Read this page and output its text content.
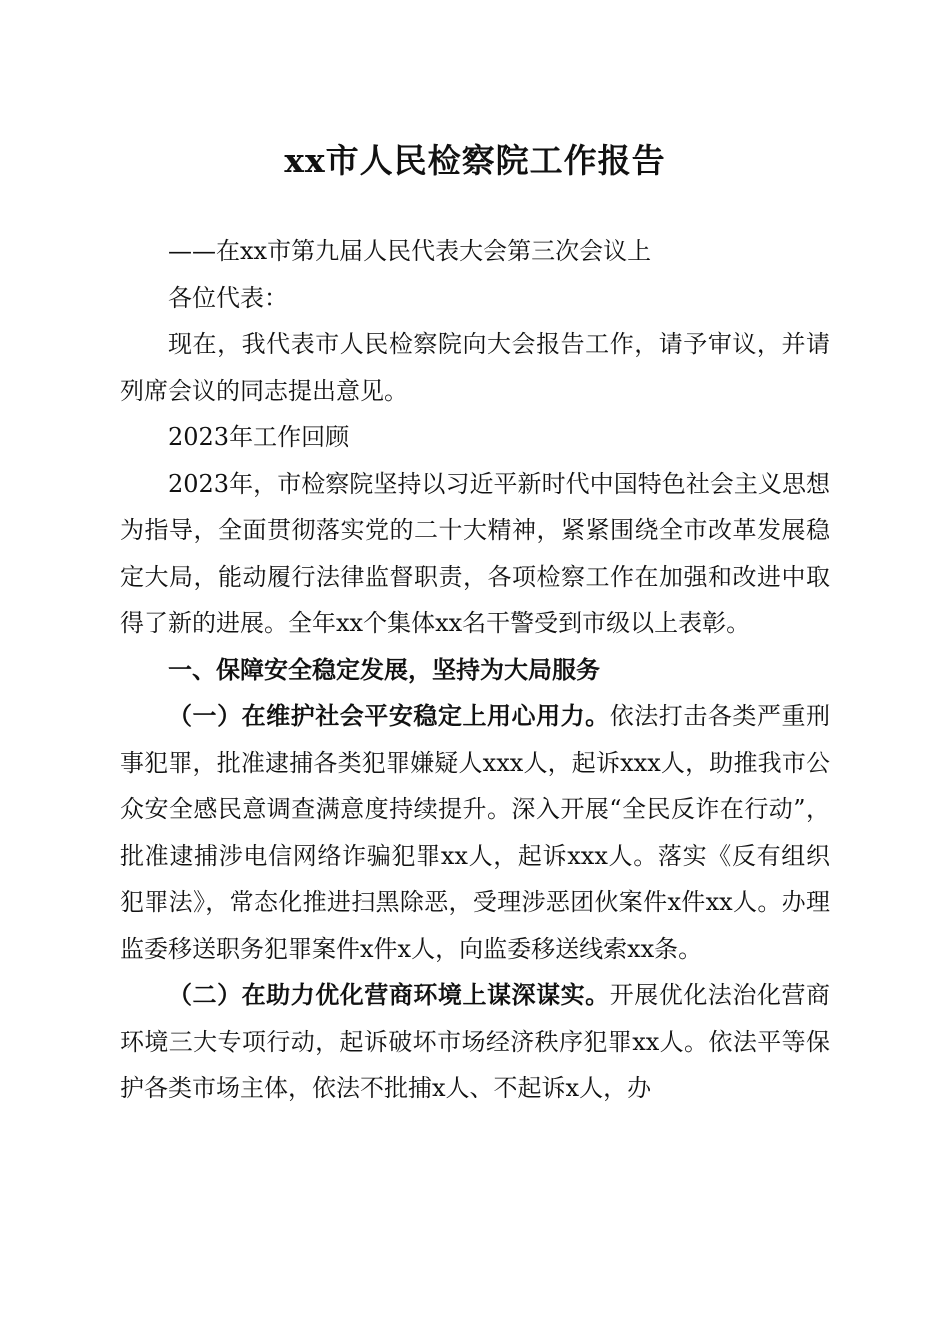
xx市人民检察院工作报告

——在xx市第九届人民代表大会第三次会议上

各位代表：

现在，我代表市人民检察院向大会报告工作，请予审议，并请列席会议的同志提出意见。

2023年工作回顾

2023年，市检察院坚持以习近平新时代中国特色社会主义思想为指导，全面贯彻落实党的二十大精神，紧紧围绕全市改革发展稳定大局，能动履行法律监督职责，各项检察工作在加强和改进中取得了新的进展。全年xx个集体xx名干警受到市级以上表彰。

一、保障安全稳定发展，坚持为大局服务

（一）在维护社会平安稳定上用心用力。依法打击各类严重刑事犯罪，批准逮捕各类犯罪嫌疑人xxx人，起诉xxx人，助推我市公众安全感民意调查满意度持续提升。深入开展“全民反诈在行动”，批准逮捕涉电信网络诈骗犯罪xx人，起诉xxx人。落实《反有组织犯罪法》，常态化推进扫黑除恶，受理涉恶团伙案件x件xx人。办理监委移送职务犯罪案件x件x人，向监委移送线索xx条。

（二）在助力优化营商环境上谋深谋实。开展优化法治化营商环境三大专项行动，起诉破坏市场经济秩序犯罪xx人。依法平等保护各类市场主体，依法不批捕x人、不起诉x人，办
